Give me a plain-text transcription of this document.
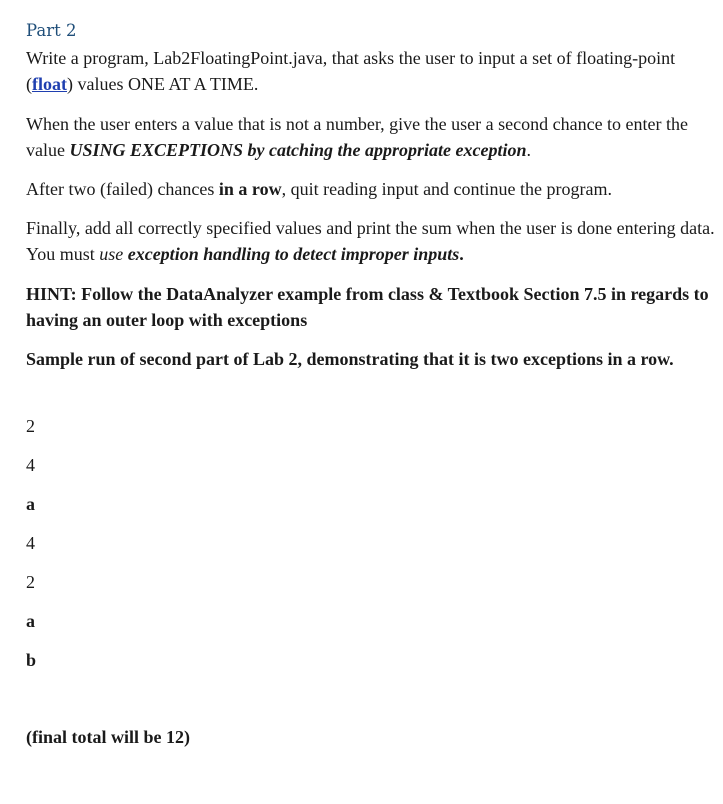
Part 2

Write a program, Lab2FloatingPoint.java, that asks the user to input a set of floating-point (float) values ONE AT A TIME.

When the user enters a value that is not a number, give the user a second chance to enter the value USING EXCEPTIONS by catching the appropriate exception.

After two (failed) chances in a row, quit reading input and continue the program.

Finally, add all correctly specified values and print the sum when the user is done entering data. You must use exception handling to detect improper inputs.

HINT: Follow the DataAnalyzer example from class & Textbook Section 7.5 in regards to having an outer loop with exceptions

Sample run of second part of Lab 2, demonstrating that it is two exceptions in a row.

2
4
a
4
2
a
b
(final total will be 12)
